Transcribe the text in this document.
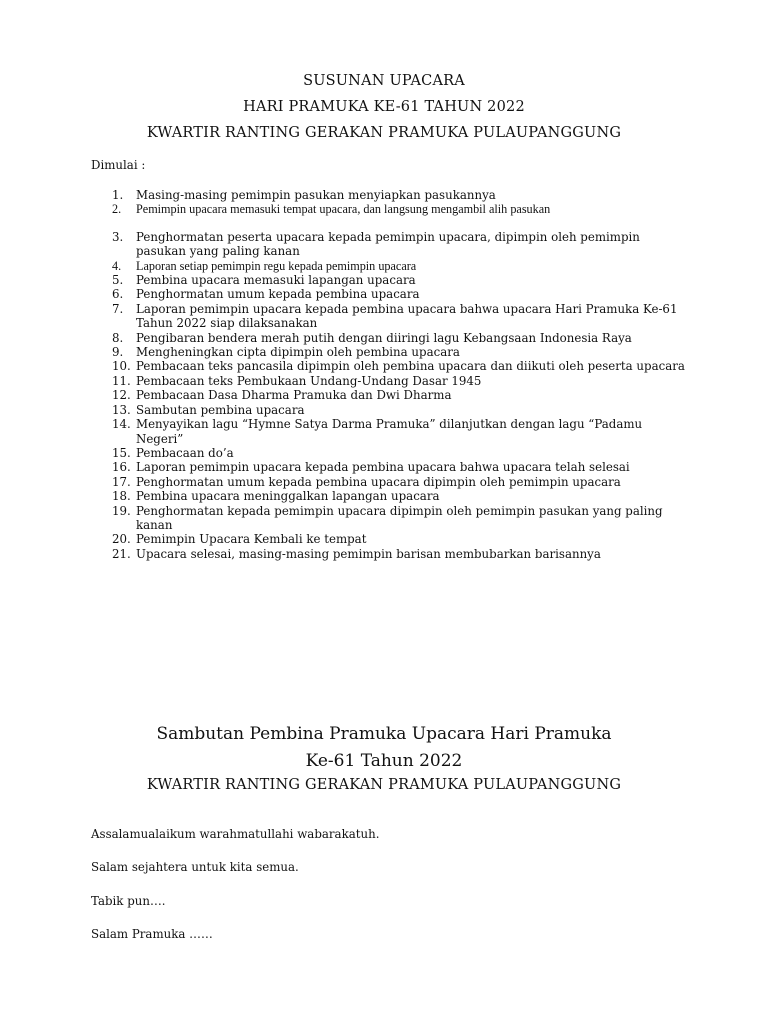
SUSUNAN UPACARA
HARI PRAMUKA KE-61 TAHUN 2022
KWARTIR RANTING GERAKAN PRAMUKA PULAUPANGGUNG
Dimulai :
1. Masing-masing pemimpin pasukan menyiapkan pasukannya
2. Pemimpin upacara memasuki tempat upacara, dan langsung mengambil alih pasukan
3. Penghormatan peserta upacara kepada pemimpin upacara, dipimpin oleh pemimpin pasukan yang paling kanan
4. Laporan setiap pemimpin regu kepada pemimpin upacara
5. Pembina upacara memasuki lapangan upacara
6. Penghormatan umum kepada pembina upacara
7. Laporan pemimpin upacara kepada pembina upacara bahwa upacara Hari Pramuka Ke-61 Tahun 2022 siap dilaksanakan
8. Pengibaran bendera merah putih dengan diiringi lagu Kebangsaan Indonesia Raya
9. Mengheningkan cipta dipimpin oleh pembina upacara
10. Pembacaan teks pancasila dipimpin oleh pembina upacara dan diikuti oleh peserta upacara
11. Pembacaan teks Pembukaan Undang-Undang Dasar 1945
12. Pembacaan Dasa Dharma Pramuka dan Dwi Dharma
13. Sambutan pembina upacara
14. Menyayikan lagu “Hymne Satya Darma Pramuka” dilanjutkan dengan lagu “Padamu Negeri”
15. Pembacaan do’a
16. Laporan pemimpin upacara kepada pembina upacara bahwa upacara telah selesai
17. Penghormatan umum kepada pembina upacara dipimpin oleh pemimpin upacara
18. Pembina upacara meninggalkan lapangan upacara
19. Penghormatan kepada pemimpin upacara dipimpin oleh pemimpin pasukan yang paling kanan
20. Pemimpin Upacara Kembali ke tempat
21. Upacara selesai, masing-masing pemimpin barisan membubarkan barisannya
Sambutan Pembina Pramuka Upacara Hari Pramuka
Ke-61 Tahun 2022
KWARTIR RANTING GERAKAN PRAMUKA PULAUPANGGUNG
Assalamualaikum warahmatullahi wabarakatuh.
Salam sejahtera untuk kita semua.
Tabik pun….
Salam Pramuka ……
